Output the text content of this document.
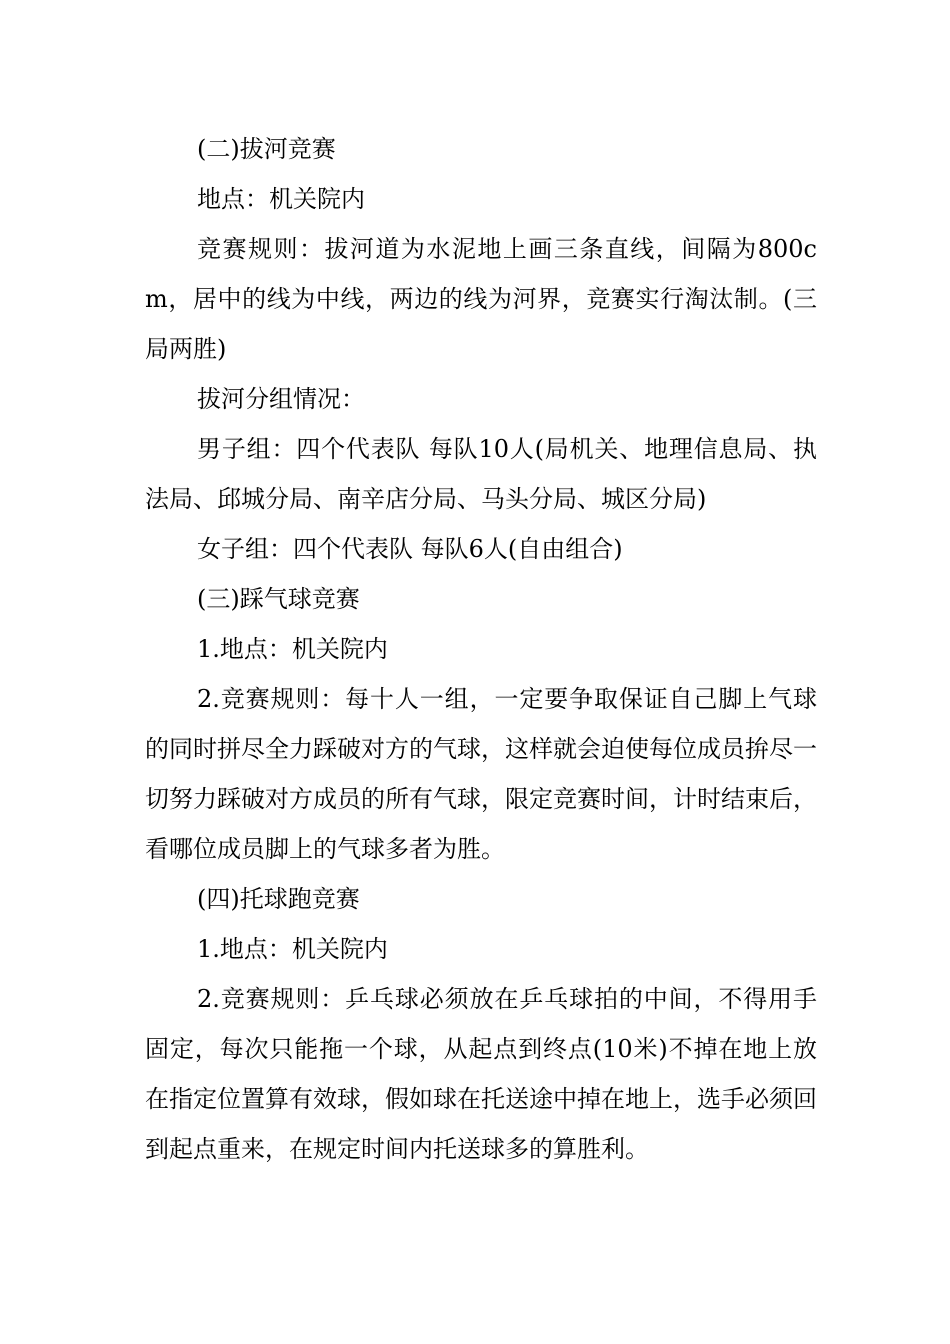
(二)拔河竞赛

地点：机关院内

竞赛规则：拔河道为水泥地上画三条直线，间隔为800cm，居中的线为中线，两边的线为河界，竞赛实行淘汰制。(三局两胜)

拔河分组情况：

男子组：四个代表队 每队10人(局机关、地理信息局、执法局、邱城分局、南辛店分局、马头分局、城区分局)

女子组：四个代表队 每队6人(自由组合)

(三)踩气球竞赛

1.地点：机关院内

2.竞赛规则：每十人一组，一定要争取保证自己脚上气球的同时拼尽全力踩破对方的气球，这样就会迫使每位成员拚尽一切努力踩破对方成员的所有气球，限定竞赛时间，计时结束后，看哪位成员脚上的气球多者为胜。

(四)托球跑竞赛

1.地点：机关院内

2.竞赛规则：乒乓球必须放在乒乓球拍的中间，不得用手固定，每次只能拖一个球，从起点到终点(10米)不掉在地上放在指定位置算有效球，假如球在托送途中掉在地上，选手必须回到起点重来，在规定时间内托送球多的算胜利。
